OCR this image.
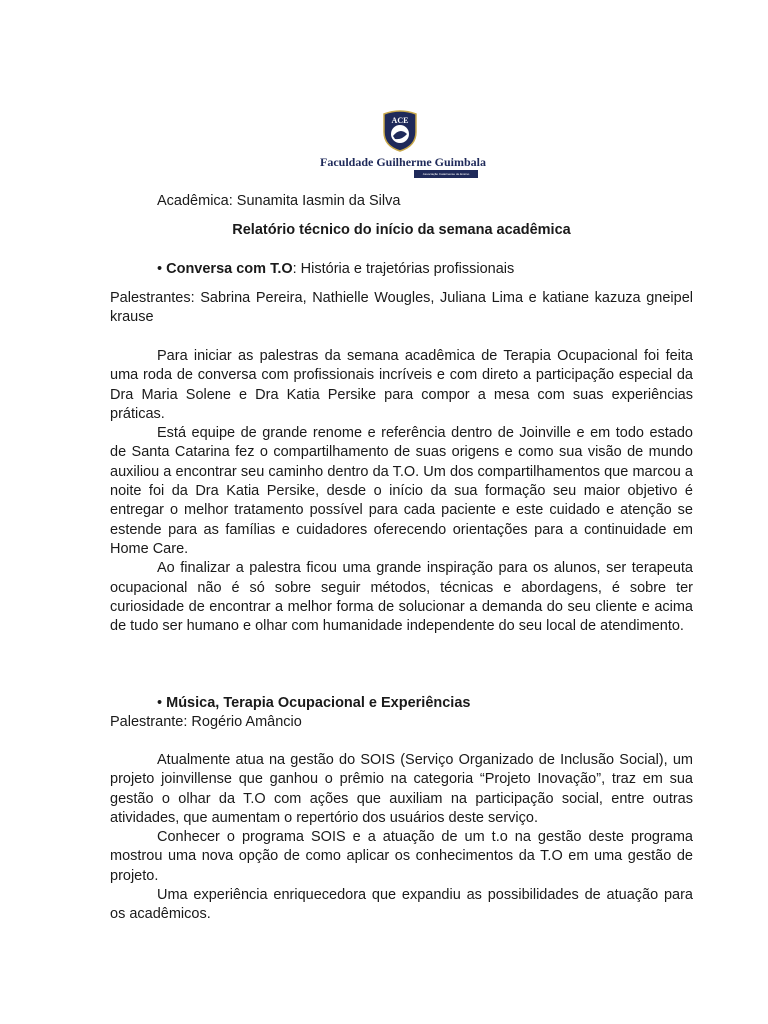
ACE
Faculdade Guilherme Guimbala
Associação Catarinense de Ensino

Acadêmica: Sunamita Iasmin da Silva

Relatório técnico do início da semana acadêmica

• Conversa com T.O: História e trajetórias profissionais

Palestrantes: Sabrina Pereira, Nathielle Wougles, Juliana Lima e katiane kazuza gneipel krause

Para iniciar as palestras da semana acadêmica de Terapia Ocupacional foi feita uma roda de conversa com profissionais incríveis e com direto a participação especial da Dra Maria Solene e Dra Katia Persike para compor a mesa com suas experiências práticas.

Está equipe de grande renome e referência dentro de Joinville e em todo estado de Santa Catarina fez o compartilhamento de suas origens e como sua visão de mundo auxiliou a encontrar seu caminho dentro da T.O. Um dos compartilhamentos que marcou a noite foi da Dra Katia Persike, desde o início da sua formação seu maior objetivo é entregar o melhor tratamento possível para cada paciente e este cuidado e atenção se estende para as famílias e cuidadores oferecendo orientações para a continuidade em Home Care.

Ao finalizar a palestra ficou uma grande inspiração para os alunos, ser terapeuta ocupacional não é só sobre seguir métodos, técnicas e abordagens, é sobre ter curiosidade de encontrar a melhor forma de solucionar a demanda do seu cliente e acima de tudo ser humano e olhar com humanidade independente do seu local de atendimento.

• Música, Terapia Ocupacional e Experiências

Palestrante: Rogério Amâncio

Atualmente atua na gestão do SOIS (Serviço Organizado de Inclusão Social), um projeto joinvillense que ganhou o prêmio na categoria “Projeto Inovação”, traz em sua gestão o olhar da T.O com ações que auxiliam na participação social, entre outras atividades, que aumentam o repertório dos usuários deste serviço.

Conhecer o programa SOIS e a atuação de um t.o na gestão deste programa mostrou uma nova opção de como aplicar os conhecimentos da T.O em uma gestão de projeto.

Uma experiência enriquecedora que expandiu as possibilidades de atuação para os acadêmicos.
